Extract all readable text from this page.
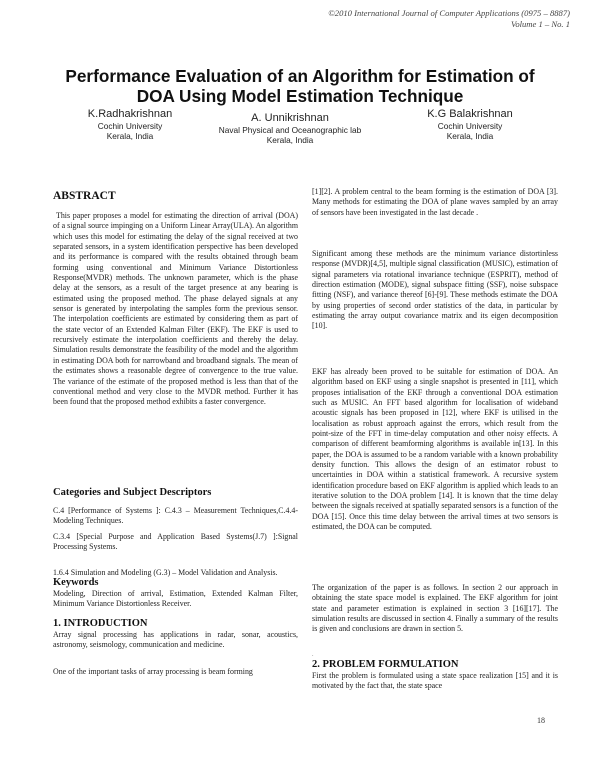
©2010 International Journal of Computer Applications (0975 – 8887)
Volume 1 – No. 1
Performance Evaluation of an Algorithm for Estimation of
DOA Using Model Estimation Technique
K.Radhakrishnan
Cochin University
Kerala, India
A. Unnikrishnan
Naval Physical and Oceanographic lab
Kerala, India
K.G Balakrishnan
Cochin University
Kerala, India
ABSTRACT

This paper proposes a model for estimating the direction of arrival (DOA) of a signal source impinging on a Uniform Linear Array(ULA). An algorithm which uses this model for estimating the delay of the signal received at two separated sensors, in a system identification perspective has been developed and its performance is compared with the results obtained through beam forming using conventional and Minimum Variance Distortionless Response(MVDR) methods. The unknown parameter, which is the phase delay at the sensors, as a result of the target presence at any bearing is estimated using the proposed method. The phase delayed signals at any sensor is generated by interpolating the samples form the previous sensor. The interpolation coefficients are estimated by considering them as part of the state vector of an Extended Kalman Filter (EKF). The EKF is used to recursively estimate the interpolation coefficients and thereby the delay. Simulation results demonstrate the feasibility of the model and the algorithm in estimating DOA both for narrowband and broadband signals. The mean of the estimates shows a reasonable degree of convergence to the true value. The variance of the estimate of the proposed method is less than that of the conventional method and very close to the MVDR method. Further it has been found that the proposed method exhibits a faster convergence.

Categories and Subject Descriptors

C.4 [Performance of Systems ]: C.4.3 – Measurement Techniques,C.4.4- Modeling Techniques.

C.3.4 [Special Purpose and Application Based Systems(J.7) ]:Signal Processing Systems.

1.6.4 Simulation and Modeling (G.3) – Model Validation and Analysis.

Keywords

Modeling, Direction of arrival, Estimation, Extended Kalman Filter, Minimum Variance Distortionless Receiver.

1. INTRODUCTION

Array signal processing has applications in radar, sonar, acoustics, astronomy, seismology, communication and medicine.

One of the important tasks of array processing is beam forming

[1][2]. A problem central to the beam forming is the estimation of DOA [3]. Many methods for estimating the DOA of plane waves sampled by an array of sensors have been investigated in the last decade .

Significant among these methods are the minimum variance distortinless response (MVDR)[4,5], multiple signal classification (MUSIC), estimation of signal parameters via rotational invariance technique (ESPRIT), method of direction estimation (MODE), signal subspace fitting (SSF), noise subspace fitting (NSF), and variance thereof [6]-[9]. These methods estimate the DOA by using properties of second order statistics of the data, in particular by estimating the array output covariance matrix and its eigen decomposition [10].

EKF has already been proved to be suitable for estimation of DOA. An algorithm based on EKF using a single snapshot is presented in [11], which proposes intialisation of the EKF through a conventional DOA estimation such as MUSIC. An FFT based algorithm for localisation of wideband acoustic signals has been proposed in [12], where EKF is utilised in the localisation as robust approach against the errors, which result from the point-size of the FFT in time-delay computation and other noisy effects. A comparison of different beamforming algorithms is available in[13]. In this paper, the DOA is assumed to be a random variable with a known probability density function. This allows the design of an estimator robust to uncertainties in DOA within a statistical framework. A recursive system identification procedure based on EKF algorithm is applied which leads to an iterative solution to the DOA problem [14]. It is known that the time delay between the signals received at spatially separated sensors is a function of the DOA [15]. Once this time delay between the arrival times at two sensors is estimated, the DOA can be computed.

The organization of the paper is as follows. In section 2 our approach in obtaining the state space model is explained. The EKF algorithm for joint state and parameter estimation is explained in section 3 [16][17]. The simulation results are discussed in section 4. Finally a summary of the results is given and conclusions are drawn in section 5.

2. PROBLEM FORMULATION

First the problem is formulated using a state space realization [15] and it is motivated by the fact that, the state space

.
18
